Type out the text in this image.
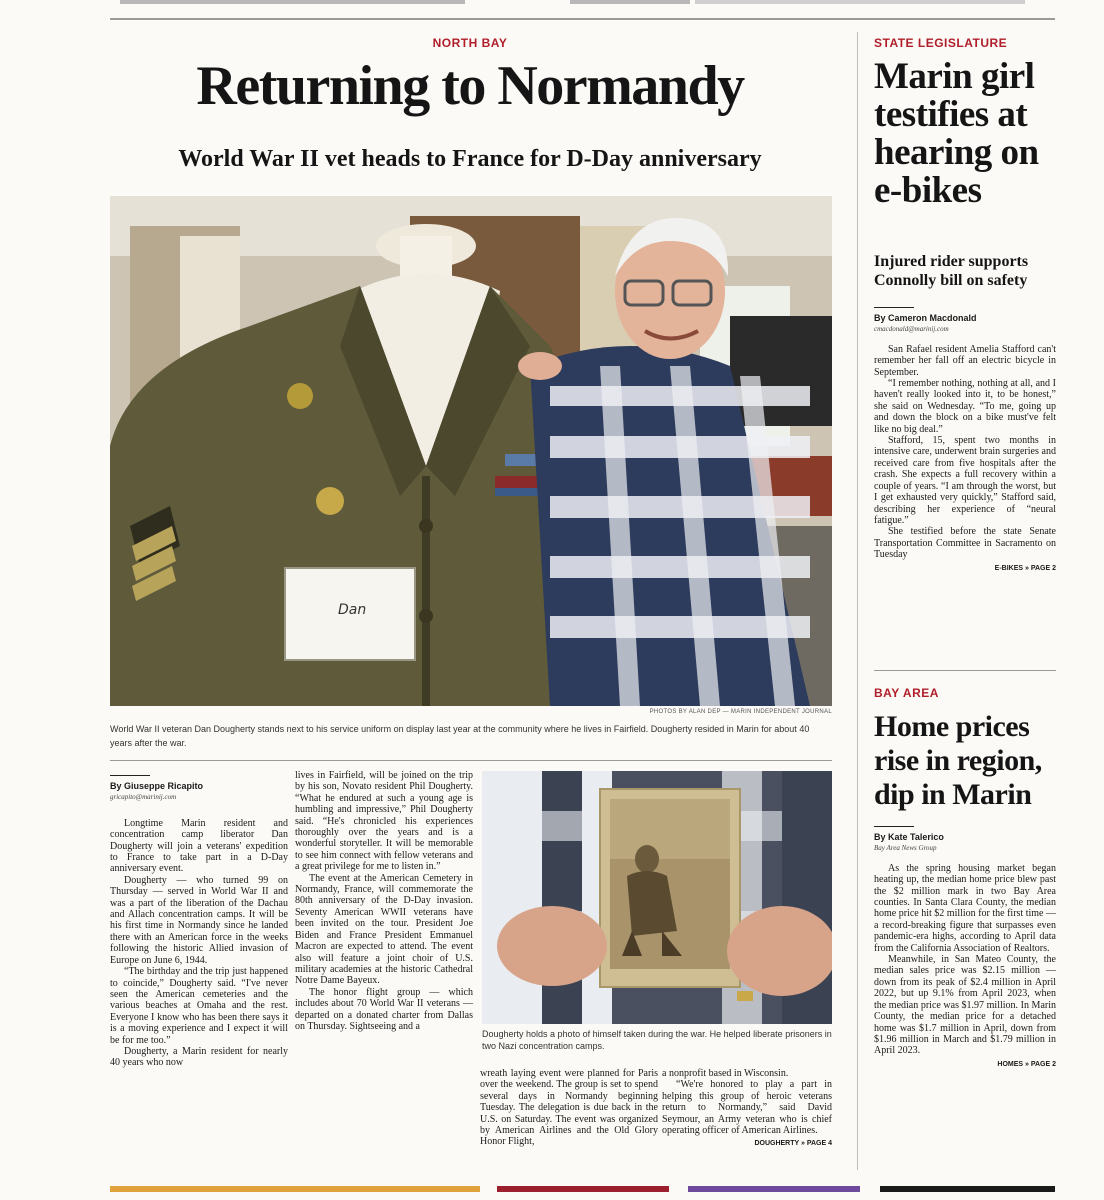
NORTH BAY
Returning to Normandy
World War II vet heads to France for D-Day anniversary
Dan
PHOTOS BY ALAN DEP — MARIN INDEPENDENT JOURNAL
World War II veteran Dan Dougherty stands next to his service uniform on display last year at the community where he lives in Fairfield. Dougherty resided in Marin for about 40 years after the war.
By Giuseppe Ricapito
gricapito@marinij.com

Longtime Marin resident and concentration camp liberator Dan Dougherty will join a veterans' expedition to France to take part in a D-Day anniversary event.

Dougherty — who turned 99 on Thursday — served in World War II and was a part of the liberation of the Dachau and Allach concentration camps. It will be his first time in Normandy since he landed there with an American force in the weeks following the historic Allied invasion of Europe on June 6, 1944.

“The birthday and the trip just happened to coincide,” Dougherty said. “I've never seen the American cemeteries and the various beaches at Omaha and the rest. Everyone I know who has been there says it is a moving experience and I expect it will be for me too.”

Dougherty, a Marin resident for nearly 40 years who now

lives in Fairfield, will be joined on the trip by his son, Novato resident Phil Dougherty. “What he endured at such a young age is humbling and impressive,” Phil Dougherty said. “He's chronicled his experiences thoroughly over the years and is a wonderful storyteller. It will be memorable to see him connect with fellow veterans and a great privilege for me to listen in.”

The event at the American Cemetery in Normandy, France, will commemorate the 80th anniversary of the D-Day invasion. Seventy American WWII veterans have been invited on the tour. President Joe Biden and France President Emmanuel Macron are expected to attend. The event also will feature a joint choir of U.S. military academies at the historic Cathedral Notre Dame Bayeux.

The honor flight group — which includes about 70 World War II veterans — departed on a donated charter from Dallas on Thursday. Sightseeing and a

Dougherty holds a photo of himself taken during the war. He helped liberate prisoners in two Nazi concentration camps.

wreath laying event were planned for Paris over the weekend. The group is set to spend several days in Normandy beginning Tuesday. The delegation is due back in the U.S. on Saturday. The event was organized by American Airlines and the Old Glory Honor Flight,

a nonprofit based in Wisconsin.

“We're honored to play a part in helping this group of heroic veterans return to Normandy,” said David Seymour, an Army veteran who is chief operating officer of American Airlines.

DOUGHERTY » PAGE 4

STATE LEGISLATURE
Marin girl testifies at hearing on e-bikes
Injured rider supports Connolly bill on safety
By Cameron Macdonald
cmacdonald@marinij.com

San Rafael resident Amelia Stafford can't remember her fall off an electric bicycle in September.

“I remember nothing, nothing at all, and I haven't really looked into it, to be honest,” she said on Wednesday. “To me, going up and down the block on a bike must've felt like no big deal.”

Stafford, 15, spent two months in intensive care, underwent brain surgeries and received care from five hospitals after the crash. She expects a full recovery within a couple of years. “I am through the worst, but I get exhausted very quickly,” Stafford said, describing her experience of “neural fatigue.”

She testified before the state Senate Transportation Committee in Sacramento on Tuesday

E-BIKES » PAGE 2

BAY AREA
Home prices rise in region, dip in Marin
By Kate Talerico
Bay Area News Group

As the spring housing market began heating up, the median home price blew past the $2 million mark in two Bay Area counties. In Santa Clara County, the median home price hit $2 million for the first time — a record-breaking figure that surpasses even pandemic-era highs, according to April data from the California Association of Realtors.

Meanwhile, in San Mateo County, the median sales price was $2.15 million — down from its peak of $2.4 million in April 2022, but up 9.1% from April 2023, when the median price was $1.97 million. In Marin County, the median price for a detached home was $1.7 million in April, down from $1.96 million in March and $1.79 million in April 2023.

HOMES » PAGE 2
